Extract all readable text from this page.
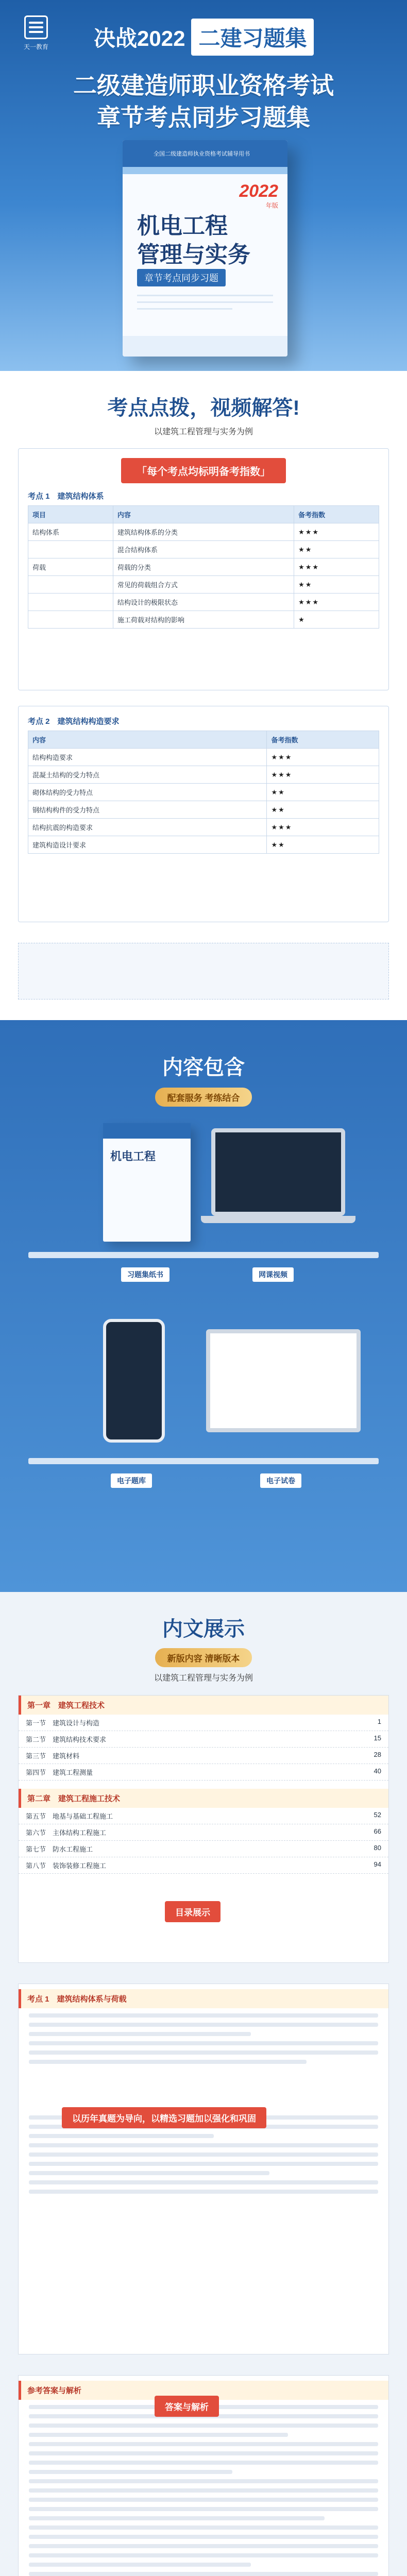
天一教育 决战2022 二建习题集
二级建造师职业资格考试
章节考点同步习题集
全国二级建造师执业资格考试辅导用书
2022
年版
机电工程
管理与实务
章节考点同步习题
考点点拨，视频解答!
以建筑工程管理与实务为例
「每个考点均标明备考指数」
考点 1　建筑结构体系
项目	内容	备考指数
结构体系	建筑结构体系的分类	★★★
	混合结构体系	★★
荷载	荷载的分类	★★★
	常见的荷载组合方式	★★
	结构设计的极限状态	★★★
	施工荷载对结构的影响	★
考点 2　建筑结构构造要求
内容	备考指数
结构构造要求	★★★
混凝土结构的受力特点	★★★
砌体结构的受力特点	★★
钢结构构件的受力特点	★★
结构抗震的构造要求	★★★
建筑构造设计要求	★★
内容包含
配套服务 考练结合
机电工程
习题集纸书	网课视频
电子题库	电子试卷
内文展示
新版内容 清晰版本
以建筑工程管理与实务为例
第一章　建筑工程技术
第一节　建筑设计与构造	1
第二节　建筑结构技术要求	15
第三节　建筑材料	28
第四节　建筑工程测量	40
第二章　建筑工程施工技术
第五节　地基与基础工程施工	52
第六节　主体结构工程施工	66
第七节　防水工程施工	80
第八节　装饰装修工程施工	94
目录展示
考点 1　建筑结构体系与荷载
以历年真题为导向，以精选习题加以强化和巩固
参考答案与解析
答案与解析
